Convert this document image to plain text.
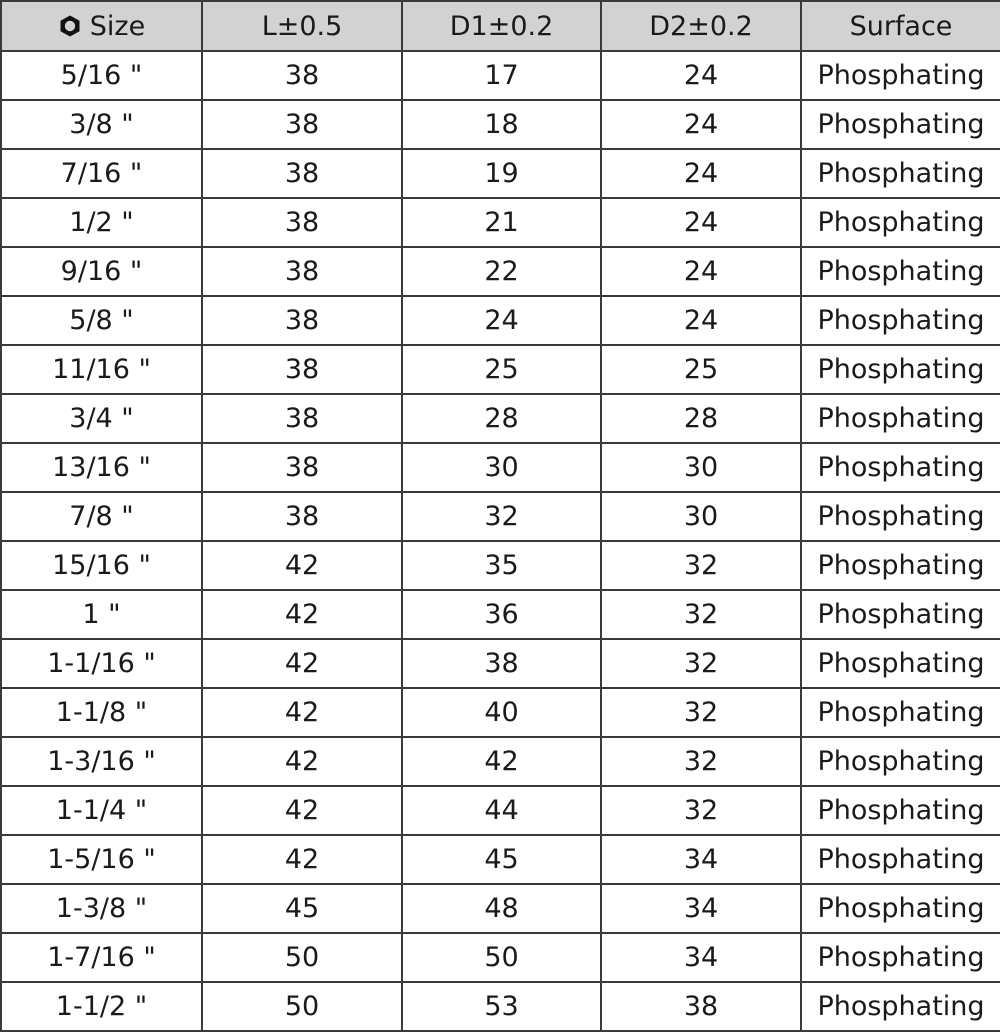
Size	L±0.5	D1±0.2	D2±0.2	Surface
5/16 "	38	17	24	Phosphating
3/8 "	38	18	24	Phosphating
7/16 "	38	19	24	Phosphating
1/2 "	38	21	24	Phosphating
9/16 "	38	22	24	Phosphating
5/8 "	38	24	24	Phosphating
11/16 "	38	25	25	Phosphating
3/4 "	38	28	28	Phosphating
13/16 "	38	30	30	Phosphating
7/8 "	38	32	30	Phosphating
15/16 "	42	35	32	Phosphating
1 "	42	36	32	Phosphating
1-1/16 "	42	38	32	Phosphating
1-1/8 "	42	40	32	Phosphating
1-3/16 "	42	42	32	Phosphating
1-1/4 "	42	44	32	Phosphating
1-5/16 "	42	45	34	Phosphating
1-3/8 "	45	48	34	Phosphating
1-7/16 "	50	50	34	Phosphating
1-1/2 "	50	53	38	Phosphating
